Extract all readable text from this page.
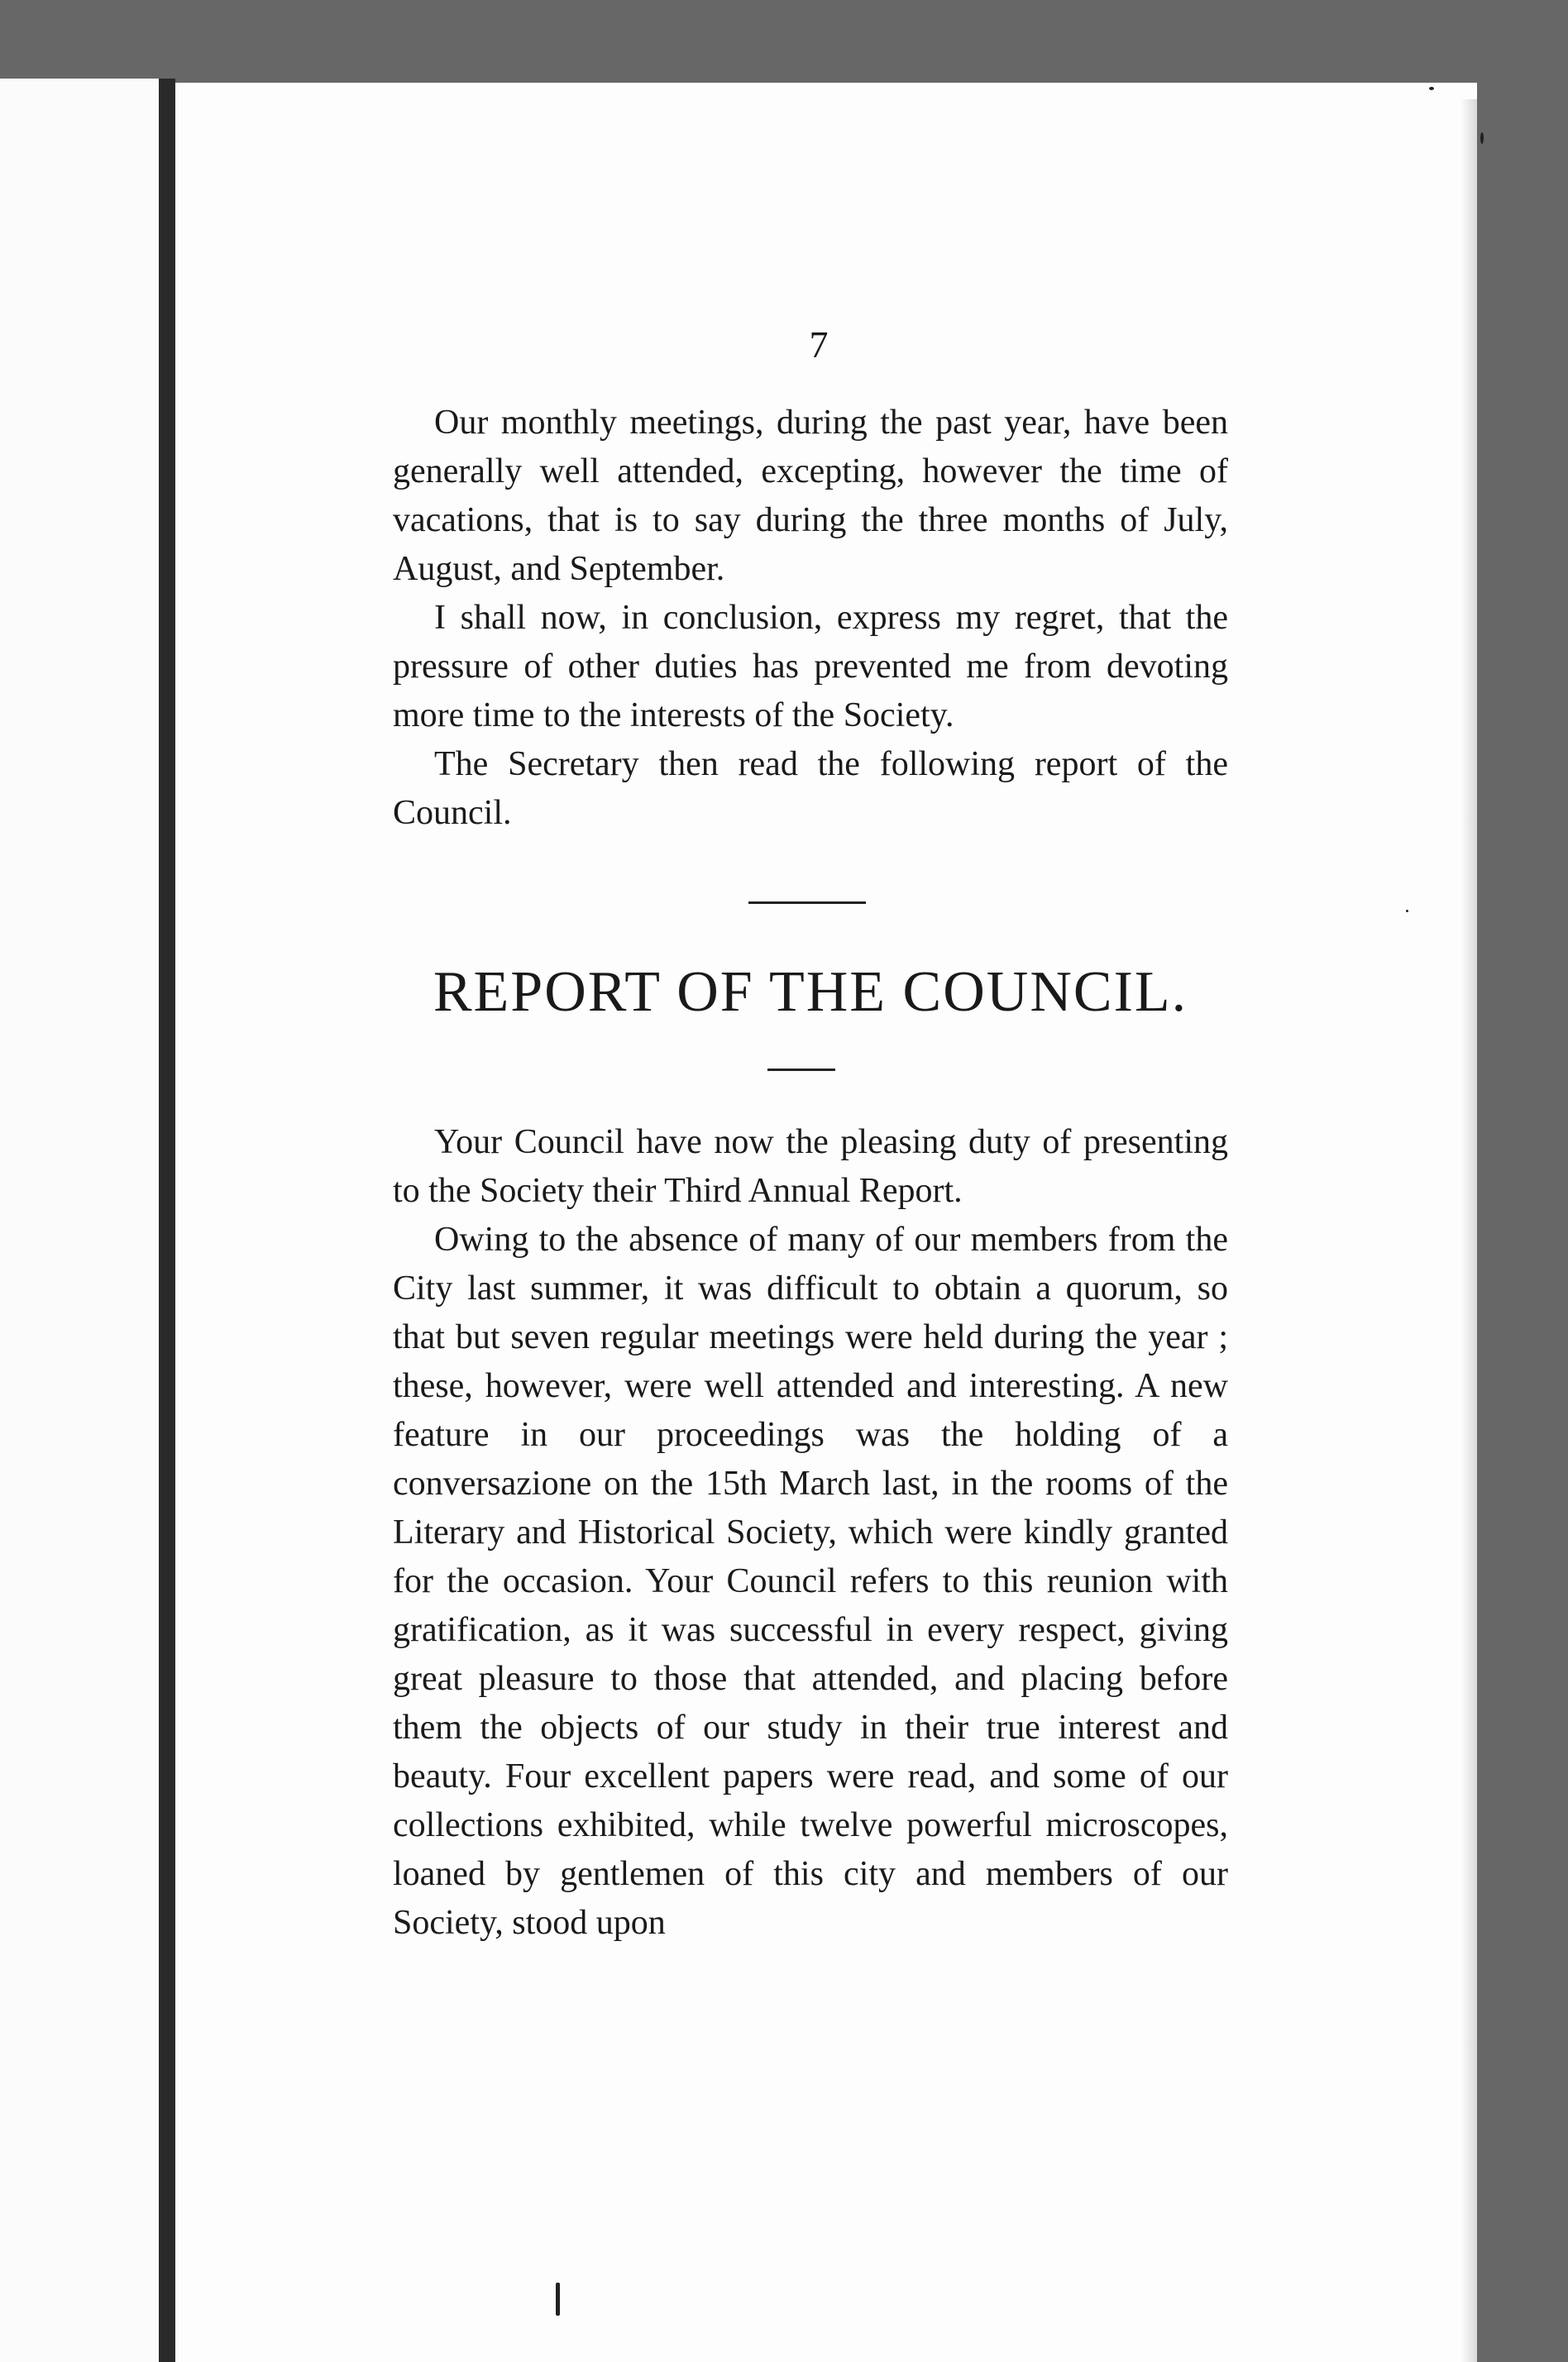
7

Our monthly meetings, during the past year, have been generally well attended, excepting, however the time of vacations, that is to say during the three months of July, August, and September.

I shall now, in conclusion, express my regret, that the pressure of other duties has prevented me from devoting more time to the interests of the Society.

The Secretary then read the following report of the Council.

REPORT OF THE COUNCIL.

Your Council have now the pleasing duty of presenting to the Society their Third Annual Report.

Owing to the absence of many of our members from the City last summer, it was difficult to obtain a quorum, so that but seven regular meetings were held during the year ; these, however, were well attended and interesting. A new feature in our proceedings was the holding of a conversazione on the 15th March last, in the rooms of the Literary and Historical Society, which were kindly granted for the occasion. Your Council refers to this reunion with gratification, as it was successful in every respect, giving great pleasure to those that attended, and placing before them the objects of our study in their true interest and beauty. Four excellent papers were read, and some of our collections exhibited, while twelve powerful microscopes, loaned by gentlemen of this city and members of our Society, stood upon
